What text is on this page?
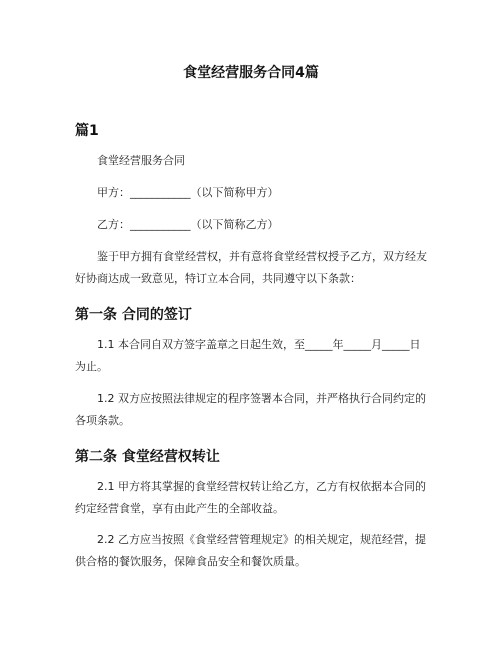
食堂经营服务合同4篇
篇1

食堂经营服务合同

甲方：___________（以下简称甲方）

乙方：___________（以下简称乙方）

鉴于甲方拥有食堂经营权，并有意将食堂经营权授予乙方，双方经友好协商达成一致意见，特订立本合同，共同遵守以下条款：

第一条 合同的签订

1.1 本合同自双方签字盖章之日起生效，至_____年_____月_____日为止。

1.2 双方应按照法律规定的程序签署本合同，并严格执行合同约定的各项条款。

第二条 食堂经营权转让

2.1 甲方将其掌握的食堂经营权转让给乙方，乙方有权依据本合同的约定经营食堂，享有由此产生的全部收益。

2.2 乙方应当按照《食堂经营管理规定》的相关规定，规范经营，提供合格的餐饮服务，保障食品安全和餐饮质量。
